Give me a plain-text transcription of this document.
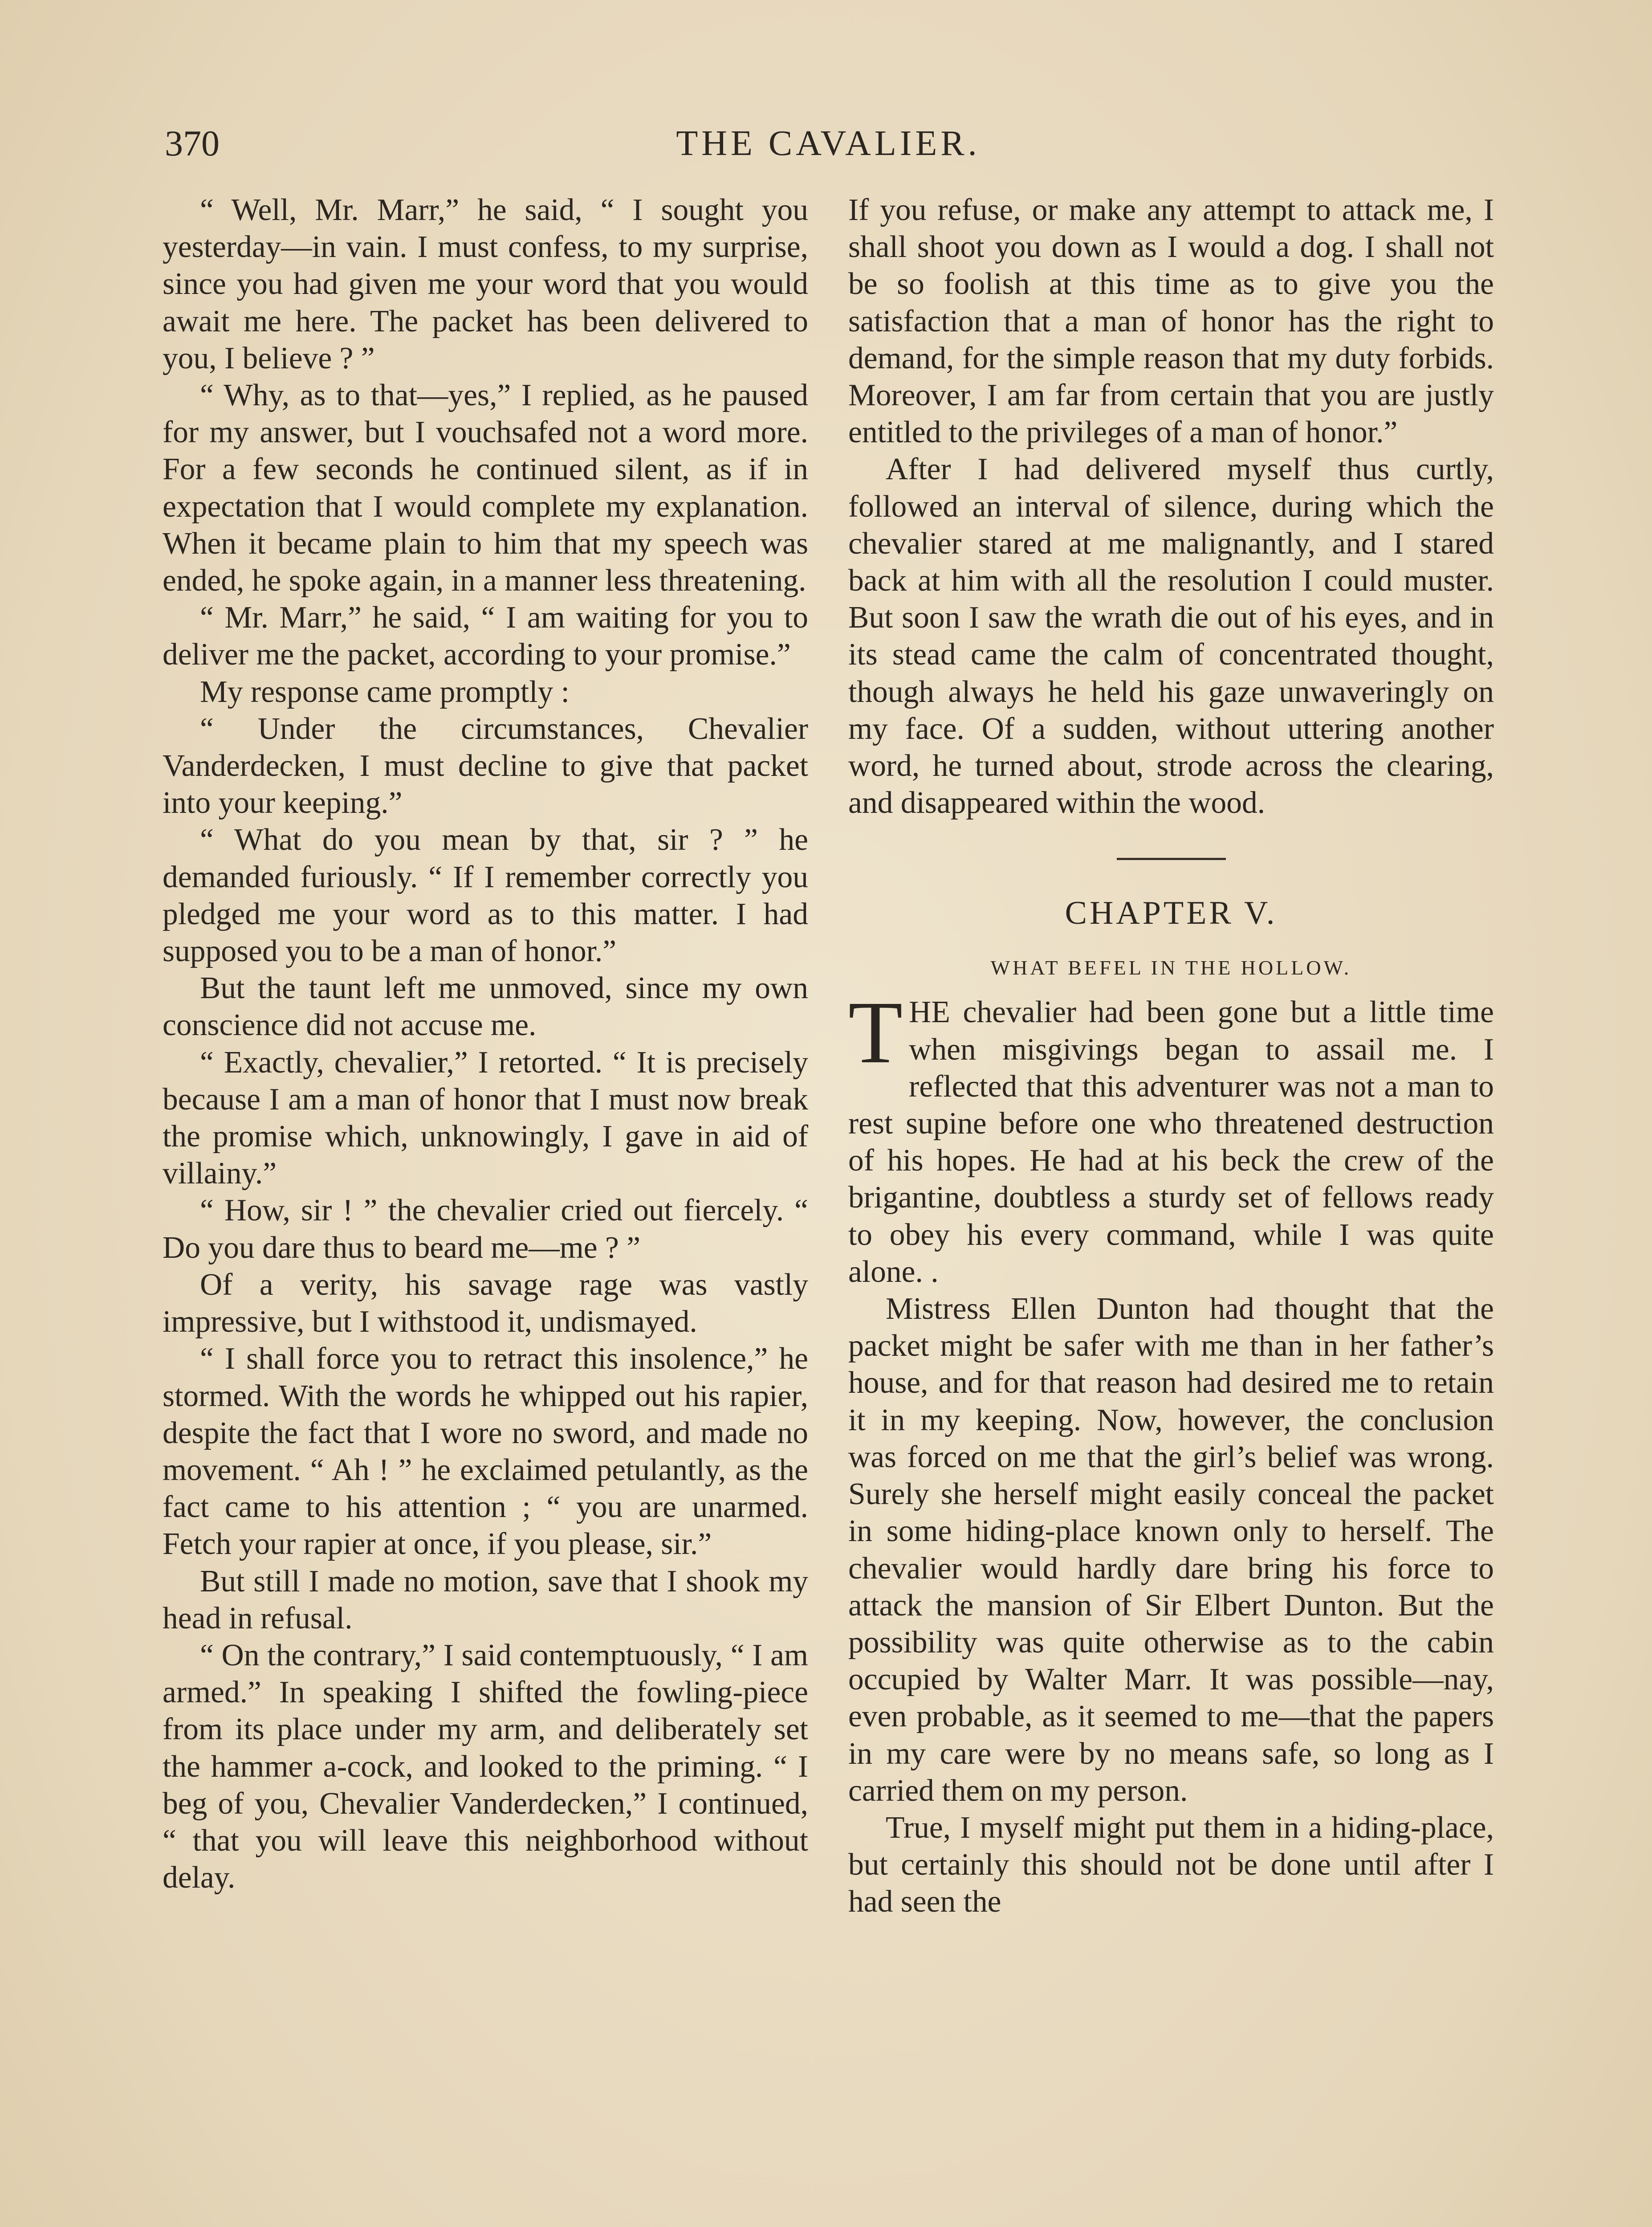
370	THE CAVALIER.

“ Well, Mr. Marr,” he said, “ I sought you yesterday—in vain. I must confess, to my surprise, since you had given me your word that you would await me here. The packet has been delivered to you, I believe ? ”

“ Why, as to that—yes,” I replied, as he paused for my answer, but I vouchsafed not a word more. For a few seconds he continued silent, as if in expectation that I would complete my explanation. When it became plain to him that my speech was ended, he spoke again, in a manner less threatening.

“ Mr. Marr,” he said, “ I am waiting for you to deliver me the packet, according to your promise.”

My response came promptly :

“ Under the circumstances, Chevalier Vanderdecken, I must decline to give that packet into your keeping.”

“ What do you mean by that, sir ? ” he demanded furiously. “ If I remember correctly you pledged me your word as to this matter. I had supposed you to be a man of honor.”

But the taunt left me unmoved, since my own conscience did not accuse me.

“ Exactly, chevalier,” I retorted. “ It is precisely because I am a man of honor that I must now break the promise which, unknowingly, I gave in aid of villainy.”

“ How, sir ! ” the chevalier cried out fiercely. “ Do you dare thus to beard me—me ? ”

Of a verity, his savage rage was vastly impressive, but I withstood it, undismayed.

“ I shall force you to retract this insolence,” he stormed. With the words he whipped out his rapier, despite the fact that I wore no sword, and made no movement. “ Ah ! ” he exclaimed petulantly, as the fact came to his attention ; “ you are unarmed. Fetch your rapier at once, if you please, sir.”

But still I made no motion, save that I shook my head in refusal.

“ On the contrary,” I said contemptuously, “ I am armed.” In speaking I shifted the fowling-piece from its place under my arm, and deliberately set the hammer a-cock, and looked to the priming. “ I beg of you, Chevalier Vanderdecken,” I continued, “ that you will leave this neighborhood without delay.

If you refuse, or make any attempt to attack me, I shall shoot you down as I would a dog. I shall not be so foolish at this time as to give you the satisfaction that a man of honor has the right to demand, for the simple reason that my duty forbids. Moreover, I am far from certain that you are justly entitled to the privileges of a man of honor.”

After I had delivered myself thus curtly, followed an interval of silence, during which the chevalier stared at me malignantly, and I stared back at him with all the resolution I could muster. But soon I saw the wrath die out of his eyes, and in its stead came the calm of concentrated thought, though always he held his gaze unwaveringly on my face. Of a sudden, without uttering another word, he turned about, strode across the clearing, and disappeared within the wood.

CHAPTER V.
WHAT BEFEL IN THE HOLLOW.

THE chevalier had been gone but a little time when misgivings began to assail me. I reflected that this adventurer was not a man to rest supine before one who threatened destruction of his hopes. He had at his beck the crew of the brigantine, doubtless a sturdy set of fellows ready to obey his every command, while I was quite alone. .

Mistress Ellen Dunton had thought that the packet might be safer with me than in her father’s house, and for that reason had desired me to retain it in my keeping. Now, however, the conclusion was forced on me that the girl’s belief was wrong. Surely she herself might easily conceal the packet in some hiding-place known only to herself. The chevalier would hardly dare bring his force to attack the mansion of Sir Elbert Dunton. But the possibility was quite otherwise as to the cabin occupied by Walter Marr. It was possible—nay, even probable, as it seemed to me—that the papers in my care were by no means safe, so long as I carried them on my person.

True, I myself might put them in a hiding-place, but certainly this should not be done until after I had seen the
